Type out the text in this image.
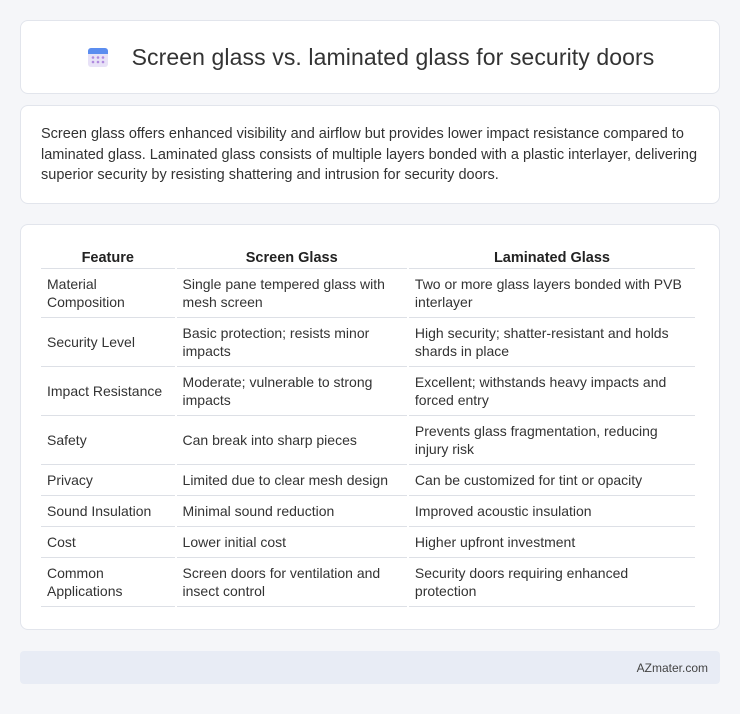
Screen glass vs. laminated glass for security doors

Screen glass offers enhanced visibility and airflow but provides lower impact resistance compared to laminated glass. Laminated glass consists of multiple layers bonded with a plastic interlayer, delivering superior security by resisting shattering and intrusion for security doors.

Feature	Screen Glass	Laminated Glass
Material Composition	Single pane tempered glass with mesh screen	Two or more glass layers bonded with PVB interlayer
Security Level	Basic protection; resists minor impacts	High security; shatter-resistant and holds shards in place
Impact Resistance	Moderate; vulnerable to strong impacts	Excellent; withstands heavy impacts and forced entry
Safety	Can break into sharp pieces	Prevents glass fragmentation, reducing injury risk
Privacy	Limited due to clear mesh design	Can be customized for tint or opacity
Sound Insulation	Minimal sound reduction	Improved acoustic insulation
Cost	Lower initial cost	Higher upfront investment
Common Applications	Screen doors for ventilation and insect control	Security doors requiring enhanced protection
AZmater.com
